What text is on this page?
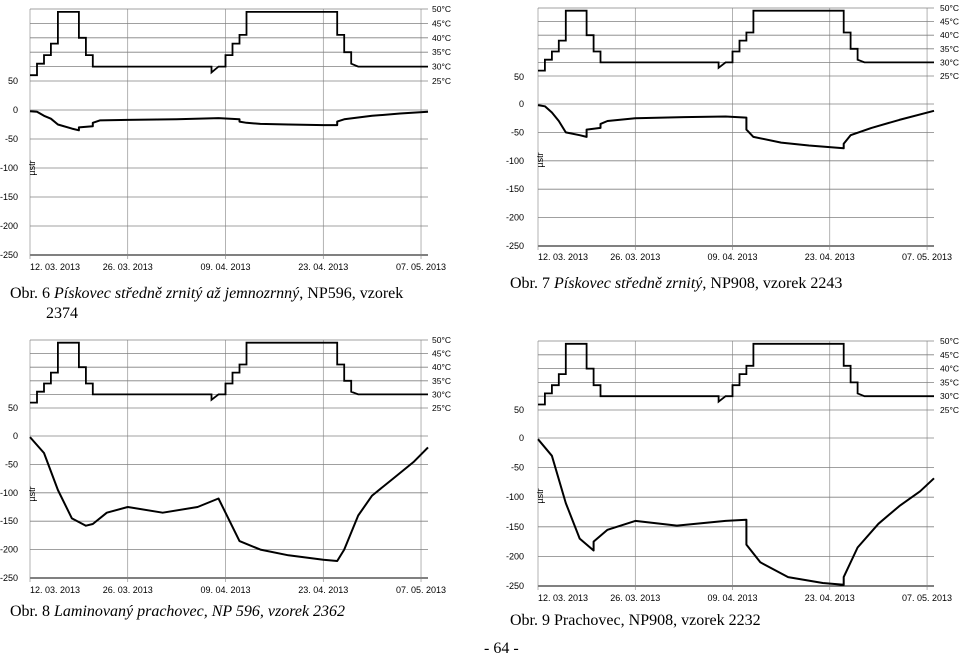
50°C
45°C
40°C
35°C
30°C
25°C
50
0
-50
-100
-150
-200
-250
12. 03. 2013	26. 03. 2013	09. 04. 2013	23. 04. 2013	07. 05. 2013
µstr
50°C
45°C
40°C
35°C
30°C
25°C
50
0
-50
-100
-150
-200
-250
12. 03. 2013 26. 03. 2013	09. 04. 2013	23. 04. 2013	07. 05. 2013
µstr
50°C
45°C
40°C
35°C
30°C
25°C
50
0
-50
-100
-150
-200
-250
12. 03. 2013	26. 03. 2013	09. 04. 2013	23. 04. 2013	07. 05. 2013
µstr
50°C
45°C
40°C
35°C
30°C
25°C
50
0
-50
-100
-150
-200
-250
12. 03. 2013 26. 03. 2013	09. 04. 2013	23. 04. 2013	07. 05. 2013
µstr
Obr. 6 Pískovec středně zrnitý až jemnozrnný, NP596, vzorek
2374
Obr. 7 Pískovec středně zrnitý, NP908, vzorek 2243
Obr. 8 Laminovaný prachovec, NP 596, vzorek 2362
Obr. 9 Prachovec, NP908, vzorek 2232
- 64 -
